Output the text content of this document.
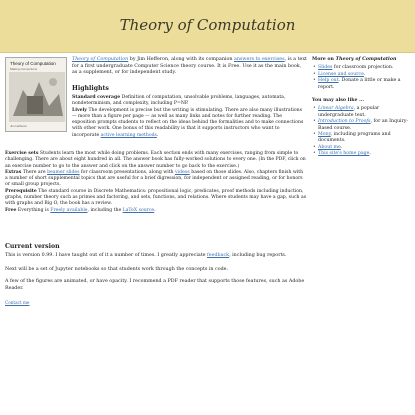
Theory of Computation
Theory of Computation
Making Connections
Jim Hefferon

Theory of Computation by Jim Hefferon, along with its companion answers to exercises, is a text for a first undergraduate Computer Science theory course. It is Free. Use it as the main book, as a supplement, or for independent study.

Highlights

Standard coverage Definition of computation, unsolvable problems, languages, automata, nondeterminism, and complexity, including P=NP.

Lively The development is precise but the writing is stimulating. There are also many illustrations — more than a figure per page — as well as many links and notes for further reading. The exposition prompts students to reflect on the ideas behind the formalities and to make connections with other work. One bonus of this readability is that it supports instructors who want to incorporate active learning methods.

Exercise sets Students learn the most while doing problems. Each section ends with many exercises, ranging from simple to challenging. There are about eight hundred in all. The answer book has fully-worked solutions to every one. (In the PDF, click on an exercise number to go to the answer and click on the answer number to go back to the exercise.)

Extras There are beamer slides for classroom presentations, along with videos based on those slides. Also, chapters finish with a number of short supplemental topics that are useful for a brief digression, for independent or assigned reading, or for honors or small group projects.

Prerequisite The standard course in Discrete Mathematics: propositional logic, predicates, proof methods including induction, graphs, number theory such as primes and factoring, and sets, functions, and relations. Where students may have a gap, such as with graphs and Big O, the book has a review.

Free Everything is Freely available, including the LaTeX source.

Current version

This is version 0.99. I have taught out of it a number of times. I greatly appreciate feedback, including bug reports.

Next will be a set of Jupyter notebooks so that students work through the concepts in code.

A few of the figures are animated, or have opacity. I recommend a PDF reader that supports those features, such as Adobe Reader.

Contact me

More on Theory of Computation

• Slides for classroom projection.
• License and source.
• Help out. Donate a little or make a report.

You may also like ...

• Linear Algebra, a popular undergraduate text.
• Introduction to Proofs, for an Inquiry-Based course.
• Mony, including programs and documents.
• About me.
• This site's home page.
